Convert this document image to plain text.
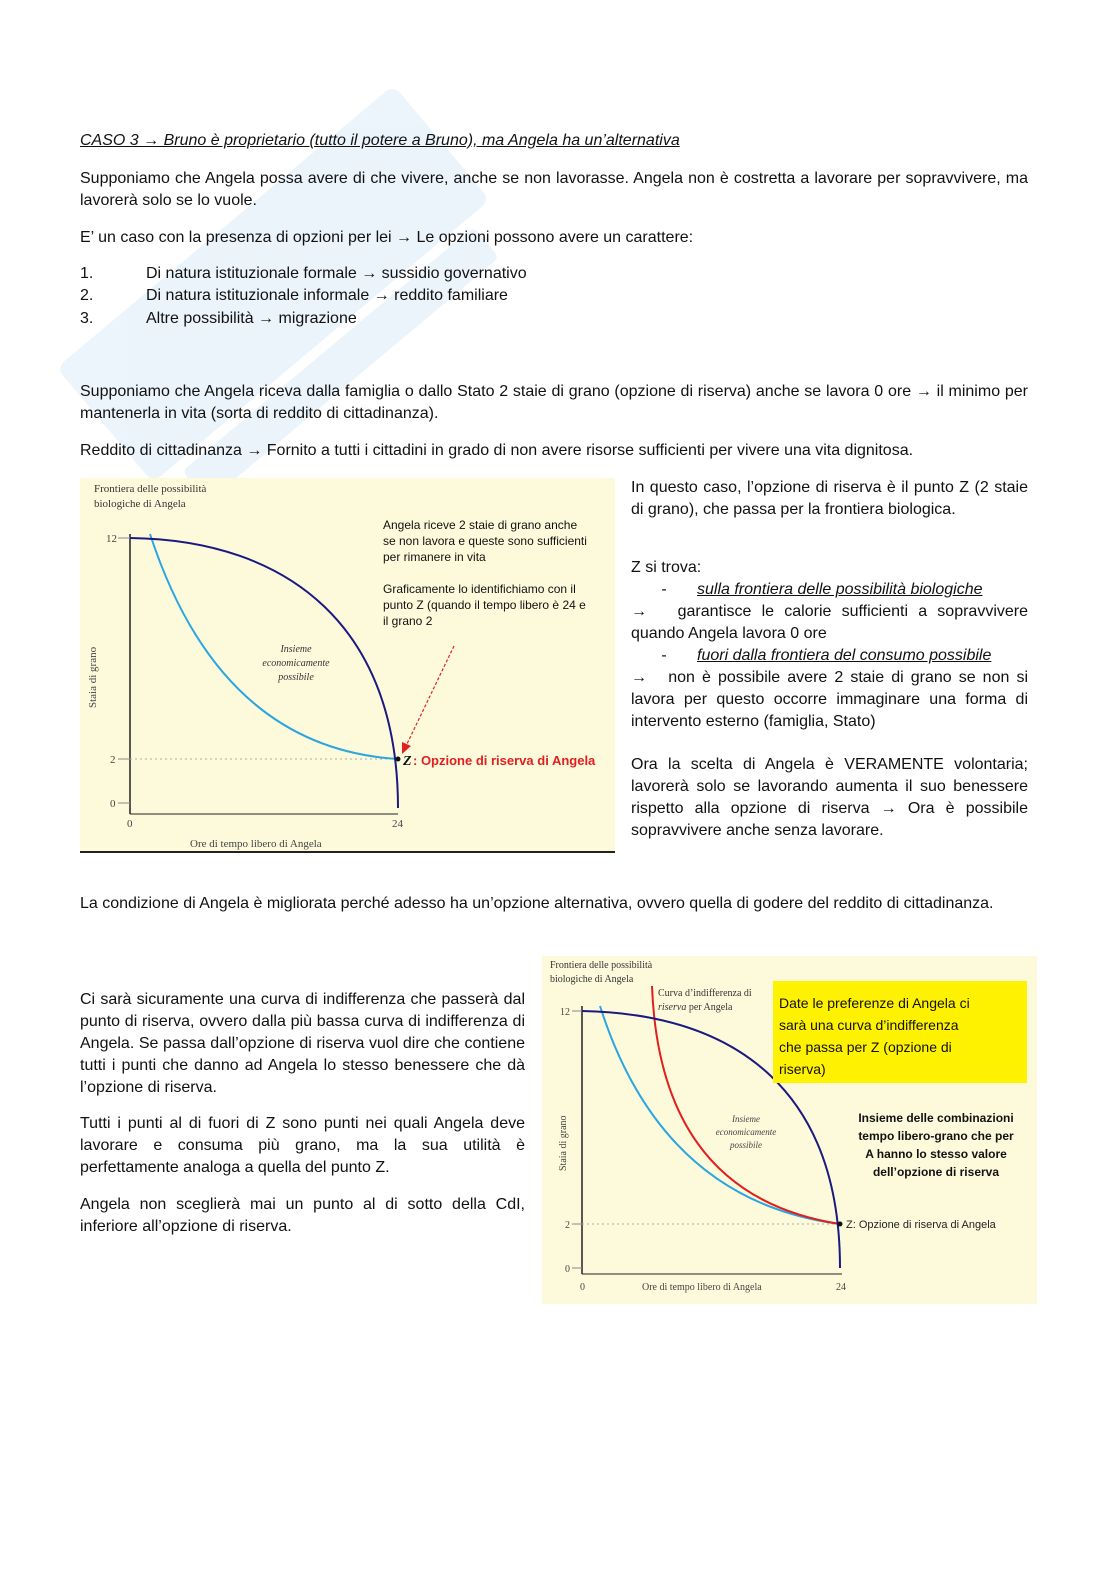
CASO 3 → Bruno è proprietario (tutto il potere a Bruno), ma Angela ha un’alternativa
Supponiamo che Angela possa avere di che vivere, anche se non lavorasse. Angela non è costretta a lavorare per sopravvivere, ma lavorerà solo se lo vuole.
E’ un caso con la presenza di opzioni per lei → Le opzioni possono avere un carattere:
1.	Di natura istituzionale formale → sussidio governativo
2.	Di natura istituzionale informale → reddito familiare
3.	Altre possibilità → migrazione
Supponiamo che Angela riceva dalla famiglia o dallo Stato 2 staie di grano (opzione di riserva) anche se lavora 0 ore → il minimo per mantenerla in vita (sorta di reddito di cittadinanza).
Reddito di cittadinanza → Fornito a tutti i cittadini in grado di non avere risorse sufficienti per vivere una vita dignitosa.
Frontiera delle possibilità
biologiche di Angela
12
2
0
0	24
Ore di tempo libero di Angela
Staia di grano	Insieme
economicamente
possibile
Angela riceve 2 staie di grano anche
se non lavora e queste sono sufficienti
per rimanere in vita
Graficamente lo identifichiamo con il
punto Z (quando il tempo libero è 24 e
il grano 2
Z : Opzione di riserva di Angela
In questo caso, l’opzione di riserva è il punto Z (2 staie di grano), che passa per la frontiera biologica.
Z si trova:
- sulla frontiera delle possibilità biologiche
→ garantisce le calorie sufficienti a sopravvivere quando Angela lavora 0 ore
- fuori dalla frontiera del consumo possibile
→ non è possibile avere 2 staie di grano se non si lavora per questo occorre immaginare una forma di intervento esterno (famiglia, Stato)
Ora la scelta di Angela è VERAMENTE volontaria; lavorerà solo se lavorando aumenta il suo benessere rispetto alla opzione di riserva → Ora è possibile sopravvivere anche senza lavorare.
La condizione di Angela è migliorata perché adesso ha un’opzione alternativa, ovvero quella di godere del reddito di cittadinanza.
Ci sarà sicuramente una curva di indifferenza che passerà dal punto di riserva, ovvero dalla più bassa curva di indifferenza di Angela. Se passa dall’opzione di riserva vuol dire che contiene tutti i punti che danno ad Angela lo stesso benessere che dà l’opzione di riserva.
Tutti i punti al di fuori di Z sono punti nei quali Angela deve lavorare e consuma più grano, ma la sua utilità è perfettamente analoga a quella del punto Z.
Angela non sceglierà mai un punto al di sotto della CdI, inferiore all’opzione di riserva.
Frontiera delle possibilità
biologiche di Angela
12
2
0
0	24
Ore di tempo libero di Angela
Staia di grano
Curva d’indifferenza di
riserva per Angela
Insieme
economicamente
possibile
Date le preferenze di Angela ci
sarà una curva d’indifferenza
che passa per Z (opzione di
riserva)
Insieme delle combinazioni
tempo libero-grano che per
A hanno lo stesso valore
dell’opzione di riserva
Z: Opzione di riserva di Angela
